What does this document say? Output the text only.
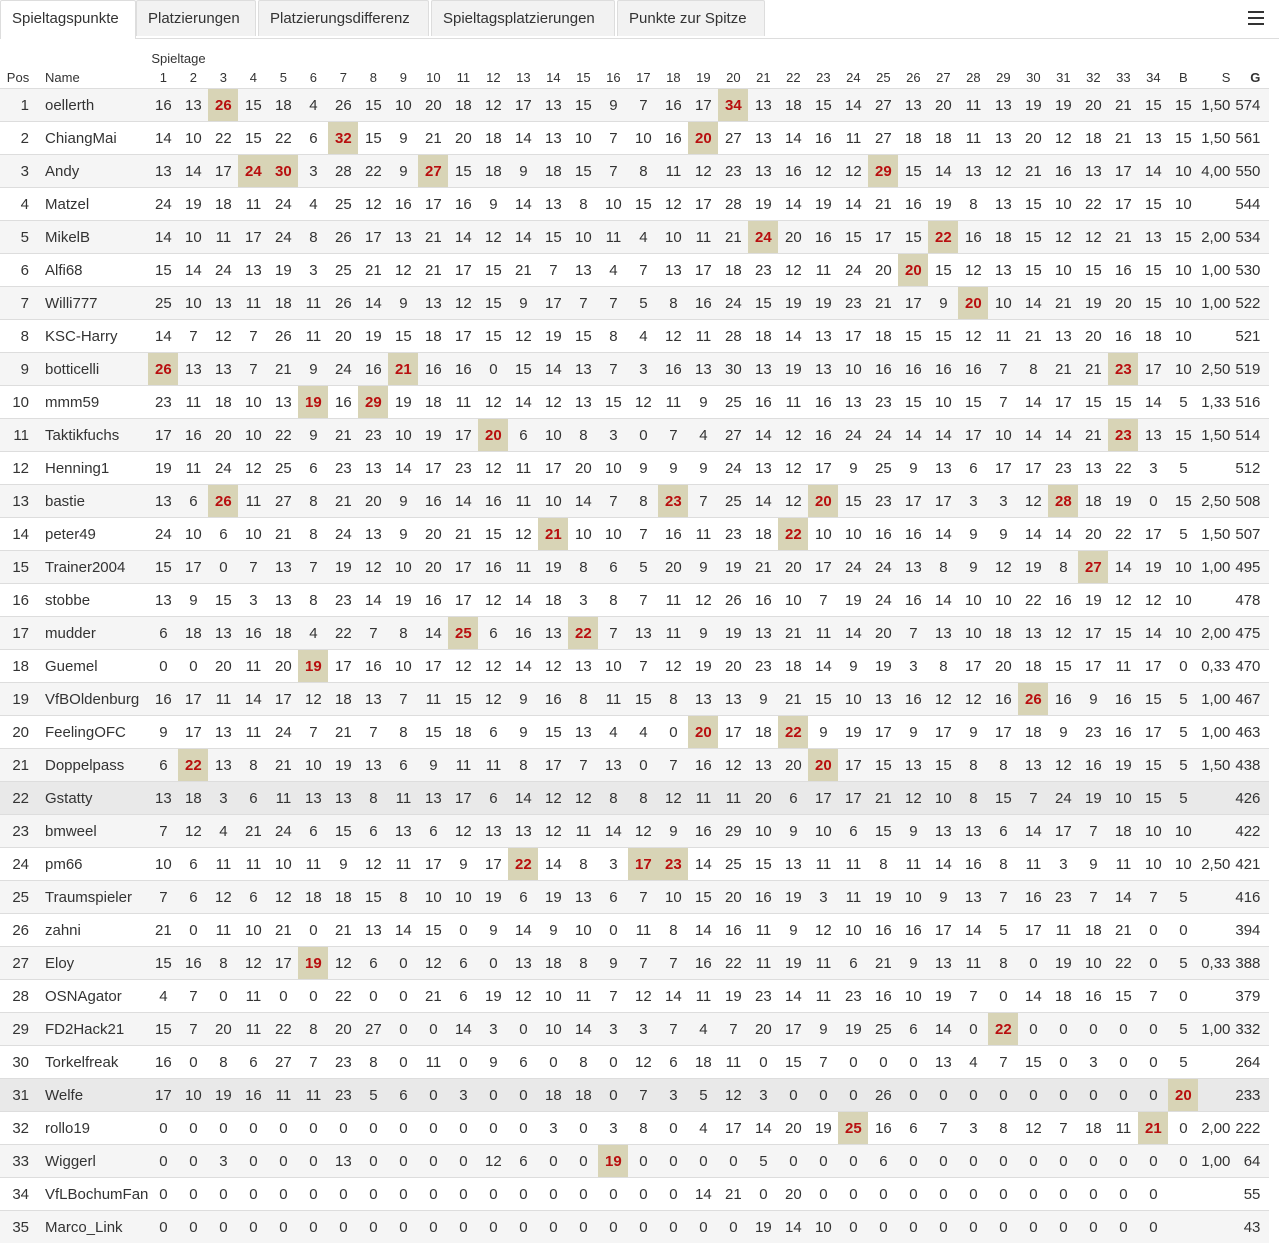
Spieltagspunkte	Platzierungen	Platzierungsdifferenz	Spieltagsplatzierungen	Punkte zur Spitze
		Spieltage																																				
Pos	Name	1	2	3	4	5	6	7	8	9	10	11	12	13	14	15	16	17	18	19	20	21	22	23	24	25	26	27	28	29	30	31	32	33	34	B	S	G
1	oellerth	16	13	26	15	18	4	26	15	10	20	18	12	17	13	15	9	7	16	17	34	13	18	15	14	27	13	20	11	13	19	19	20	21	15	15	1,50	574
2	ChiangMai	14	10	22	15	22	6	32	15	9	21	20	18	14	13	10	7	10	16	20	27	13	14	16	11	27	18	18	11	13	20	12	18	21	13	15	1,50	561
3	Andy	13	14	17	24	30	3	28	22	9	27	15	18	9	18	15	7	8	11	12	23	13	16	12	12	29	15	14	13	12	21	16	13	17	14	10	4,00	550
4	Matzel	24	19	18	11	24	4	25	12	16	17	16	9	14	13	8	10	15	12	17	28	19	14	19	14	21	16	19	8	13	15	10	22	17	15	10		544
5	MikelB	14	10	11	17	24	8	26	17	13	21	14	12	14	15	10	11	4	10	11	21	24	20	16	15	17	15	22	16	18	15	12	12	21	13	15	2,00	534
6	Alfi68	15	14	24	13	19	3	25	21	12	21	17	15	21	7	13	4	7	13	17	18	23	12	11	24	20	20	15	12	13	15	10	15	16	15	10	1,00	530
7	Willi777	25	10	13	11	18	11	26	14	9	13	12	15	9	17	7	7	5	8	16	24	15	19	19	23	21	17	9	20	10	14	21	19	20	15	10	1,00	522
8	KSC-Harry	14	7	12	7	26	11	20	19	15	18	17	15	12	19	15	8	4	12	11	28	18	14	13	17	18	15	15	12	11	21	13	20	16	18	10		521
9	botticelli	26	13	13	7	21	9	24	16	21	16	16	0	15	14	13	7	3	16	13	30	13	19	13	10	16	16	16	16	7	8	21	21	23	17	10	2,50	519
10	mmm59	23	11	18	10	13	19	16	29	19	18	11	12	14	12	13	15	12	11	9	25	16	11	16	13	23	15	10	15	7	14	17	15	15	14	5	1,33	516
11	Taktikfuchs	17	16	20	10	22	9	21	23	10	19	17	20	6	10	8	3	0	7	4	27	14	12	16	24	24	14	14	17	10	14	14	21	23	13	15	1,50	514
12	Henning1	19	11	24	12	25	6	23	13	14	17	23	12	11	17	20	10	9	9	9	24	13	12	17	9	25	9	13	6	17	17	23	13	22	3	5		512
13	bastie	13	6	26	11	27	8	21	20	9	16	14	16	11	10	14	7	8	23	7	25	14	12	20	15	23	17	17	3	3	12	28	18	19	0	15	2,50	508
14	peter49	24	10	6	10	21	8	24	13	9	20	21	15	12	21	10	10	7	16	11	23	18	22	10	10	16	16	14	9	9	14	14	20	22	17	5	1,50	507
15	Trainer2004	15	17	0	7	13	7	19	12	10	20	17	16	11	19	8	6	5	20	9	19	21	20	17	24	24	13	8	9	12	19	8	27	14	19	10	1,00	495
16	stobbe	13	9	15	3	13	8	23	14	19	16	17	12	14	18	3	8	7	11	12	26	16	10	7	19	24	16	14	10	10	22	16	19	12	12	10		478
17	mudder	6	18	13	16	18	4	22	7	8	14	25	6	16	13	22	7	13	11	9	19	13	21	11	14	20	7	13	10	18	13	12	17	15	14	10	2,00	475
18	Guemel	0	0	20	11	20	19	17	16	10	17	12	12	14	12	13	10	7	12	19	20	23	18	14	9	19	3	8	17	20	18	15	17	11	17	0	0,33	470
19	VfBOldenburg	16	17	11	14	17	12	18	13	7	11	15	12	9	16	8	11	15	8	13	13	9	21	15	10	13	16	12	12	16	26	16	9	16	15	5	1,00	467
20	FeelingOFC	9	17	13	11	24	7	21	7	8	15	18	6	9	15	13	4	4	0	20	17	18	22	9	19	17	9	17	9	17	18	9	23	16	17	5	1,00	463
21	Doppelpass	6	22	13	8	21	10	19	13	6	9	11	11	8	17	7	13	0	7	16	12	13	20	20	17	15	13	15	8	8	13	12	16	19	15	5	1,50	438
22	Gstatty	13	18	3	6	11	13	13	8	11	13	17	6	14	12	12	8	8	12	11	11	20	6	17	17	21	12	10	8	15	7	24	19	10	15	5		426
23	bmweel	7	12	4	21	24	6	15	6	13	6	12	13	13	12	11	14	12	9	16	29	10	9	10	6	15	9	13	13	6	14	17	7	18	10	10		422
24	pm66	10	6	11	11	10	11	9	12	11	17	9	17	22	14	8	3	17	23	14	25	15	13	11	11	8	11	14	16	8	11	3	9	11	10	10	2,50	421
25	Traumspieler	7	6	12	6	12	18	18	15	8	10	10	19	6	19	13	6	7	10	15	20	16	19	3	11	19	10	9	13	7	16	23	7	14	7	5		416
26	zahni	21	0	11	10	21	0	21	13	14	15	0	9	14	9	10	0	11	8	14	16	11	9	12	10	16	16	17	14	5	17	11	18	21	0	0		394
27	Eloy	15	16	8	12	17	19	12	6	0	12	6	0	13	18	8	9	7	7	16	22	11	19	11	6	21	9	13	11	8	0	19	10	22	0	5	0,33	388
28	OSNAgator	4	7	0	11	0	0	22	0	0	21	6	19	12	10	11	7	12	14	11	19	23	14	11	23	16	10	19	7	0	14	18	16	15	7	0		379
29	FD2Hack21	15	7	20	11	22	8	20	27	0	0	14	3	0	10	14	3	3	7	4	7	20	17	9	19	25	6	14	0	22	0	0	0	0	0	5	1,00	332
30	Torkelfreak	16	0	8	6	27	7	23	8	0	11	0	9	6	0	8	0	12	6	18	11	0	15	7	0	0	0	13	4	7	15	0	3	0	0	5		264
31	Welfe	17	10	19	16	11	11	23	5	6	0	3	0	0	18	18	0	7	3	5	12	3	0	0	0	26	0	0	0	0	0	0	0	0	0	20		233
32	rollo19	0	0	0	0	0	0	0	0	0	0	0	0	0	3	0	3	8	0	4	17	14	20	19	25	16	6	7	3	8	12	7	18	11	21	0	2,00	222
33	Wiggerl	0	0	3	0	0	0	13	0	0	0	0	12	6	0	0	19	0	0	0	0	5	0	0	0	6	0	0	0	0	0	0	0	0	0	0	1,00	64
34	VfLBochumFan	0	0	0	0	0	0	0	0	0	0	0	0	0	0	0	0	0	0	14	21	0	20	0	0	0	0	0	0	0	0	0	0	0	0			55
35	Marco_Link	0	0	0	0	0	0	0	0	0	0	0	0	0	0	0	0	0	0	0	0	19	14	10	0	0	0	0	0	0	0	0	0	0	0			43
